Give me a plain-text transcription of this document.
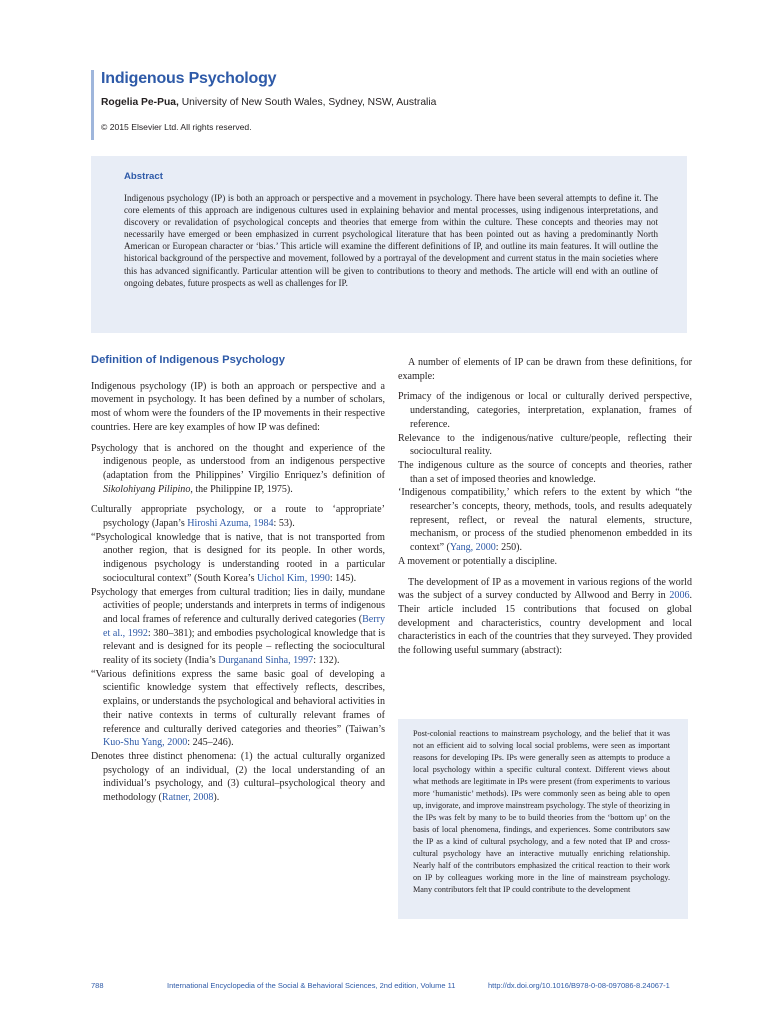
Indigenous Psychology
Rogelia Pe-Pua, University of New South Wales, Sydney, NSW, Australia
© 2015 Elsevier Ltd. All rights reserved.
Abstract

Indigenous psychology (IP) is both an approach or perspective and a movement in psychology. There have been several attempts to define it. The core elements of this approach are indigenous cultures used in explaining behavior and mental processes, using indigenous interpretations, and discovery or revalidation of psychological concepts and theories that emerge from within the culture. These concepts and theories may not necessarily have emerged or been emphasized in current psychological literature that has been pointed out as having a predominantly North American or European character or ‘bias.’ This article will examine the different definitions of IP, and outline its main features. It will outline the historical background of the perspective and movement, followed by a portrayal of the development and current status in the main societies where this has advanced significantly. Particular attention will be given to contributions to theory and methods. The article will end with an outline of ongoing debates, future prospects as well as challenges for IP.

Definition of Indigenous Psychology

Indigenous psychology (IP) is both an approach or perspective and a movement in psychology. It has been defined by a number of scholars, most of whom were the founders of the IP movements in their respective countries. Here are key examples of how IP was defined:

Psychology that is anchored on the thought and experience of the indigenous people, as understood from an indigenous perspective (adaptation from the Philippines’ Virgilio Enriquez’s definition of Sikolohiyang Pilipino, the Philippine IP, 1975).

Culturally appropriate psychology, or a route to ‘appropriate’ psychology (Japan’s Hiroshi Azuma, 1984: 53).

“Psychological knowledge that is native, that is not transported from another region, that is designed for its people. In other words, indigenous psychology is understanding rooted in a particular sociocultural context” (South Korea’s Uichol Kim, 1990: 145).

Psychology that emerges from cultural tradition; lies in daily, mundane activities of people; understands and interprets in terms of indigenous and local frames of reference and culturally derived categories (Berry et al., 1992: 380–381); and embodies psychological knowledge that is relevant and is designed for its people – reflecting the sociocultural reality of its society (India’s Durganand Sinha, 1997: 132).

“Various definitions express the same basic goal of developing a scientific knowledge system that effectively reflects, describes, explains, or understands the psychological and behavioral activities in their native contexts in terms of culturally relevant frames of reference and culturally derived categories and theories” (Taiwan’s Kuo-Shu Yang, 2000: 245–246).

Denotes three distinct phenomena: (1) the actual culturally organized psychology of an individual, (2) the local understanding of an individual’s psychology, and (3) cultural–psychological theory and methodology (Ratner, 2008).

A number of elements of IP can be drawn from these definitions, for example:

Primacy of the indigenous or local or culturally derived perspective, understanding, categories, interpretation, explanation, frames of reference.

Relevance to the indigenous/native culture/people, reflecting their sociocultural reality.

The indigenous culture as the source of concepts and theories, rather than a set of imposed theories and knowledge.

‘Indigenous compatibility,’ which refers to the extent by which “the researcher’s concepts, theory, methods, tools, and results adequately represent, reflect, or reveal the natural elements, structure, mechanism, or process of the studied phenomenon embedded in its context” (Yang, 2000: 250).

A movement or potentially a discipline.

The development of IP as a movement in various regions of the world was the subject of a survey conducted by Allwood and Berry in 2006. Their article included 15 contributions that focused on global development and characteristics, country development and local characteristics in each of the countries that they surveyed. They provided the following useful summary (abstract):

Post-colonial reactions to mainstream psychology, and the belief that it was not an efficient aid to solving local social problems, were seen as important reasons for developing IPs. IPs were generally seen as attempts to produce a local psychology within a specific cultural context. Different views about what methods are legitimate in IPs were present (from experiments to various more ‘humanistic’ methods). IPs were commonly seen as being able to open up, invigorate, and improve mainstream psychology. The style of theorizing in the IPs was felt by many to be to build theories from the ‘bottom up’ on the basis of local phenomena, findings, and experiences. Some contributors saw the IP as a kind of cultural psychology, and a few noted that IP and cross-cultural psychology have an interactive mutually enriching relationship. Nearly half of the contributors emphasized the critical reaction to their work on IP by colleagues working more in the line of mainstream psychology. Many contributors felt that IP could contribute to the development

788	International Encyclopedia of the Social & Behavioral Sciences, 2nd edition, Volume 11	http://dx.doi.org/10.1016/B978-0-08-097086-8.24067-1
